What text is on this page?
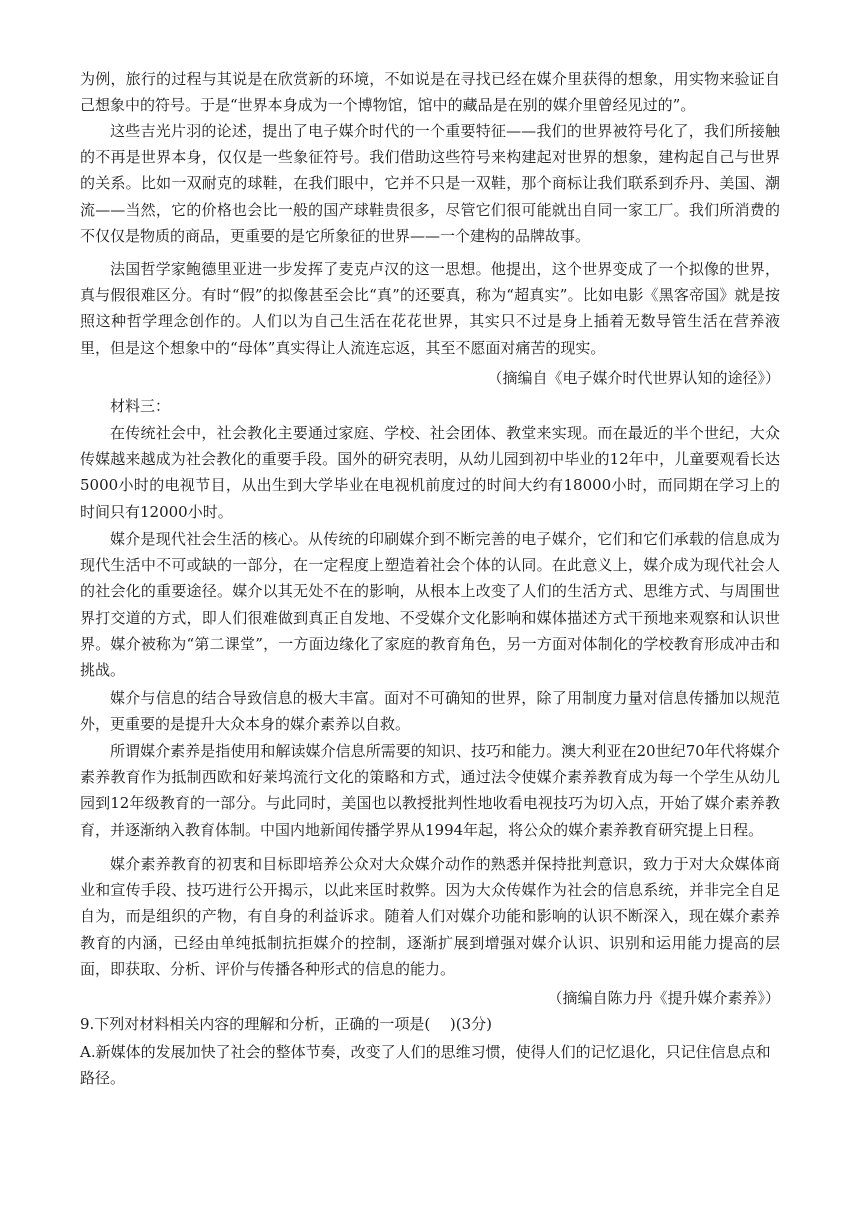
为例，旅行的过程与其说是在欣赏新的环境，不如说是在寻找已经在媒介里获得的想象，用实物来验证自己想象中的符号。于是“世界本身成为一个博物馆，馆中的藏品是在别的媒介里曾经见过的”。

这些吉光片羽的论述，提出了电子媒介时代的一个重要特征——我们的世界被符号化了，我们所接触的不再是世界本身，仅仅是一些象征符号。我们借助这些符号来构建起对世界的想象，建构起自己与世界的关系。比如一双耐克的球鞋，在我们眼中，它并不只是一双鞋，那个商标让我们联系到乔丹、美国、潮流——当然，它的价格也会比一般的国产球鞋贵很多，尽管它们很可能就出自同一家工厂。我们所消费的不仅仅是物质的商品，更重要的是它所象征的世界——一个建构的品牌故事。

法国哲学家鲍德里亚进一步发挥了麦克卢汉的这一思想。他提出，这个世界变成了一个拟像的世界，真与假很难区分。有时“假”的拟像甚至会比“真”的还要真，称为“超真实”。比如电影《黑客帝国》就是按照这种哲学理念创作的。人们以为自己生活在花花世界，其实只不过是身上插着无数导管生活在营养液里，但是这个想象中的“母体”真实得让人流连忘返，其至不愿面对痛苦的现实。

（摘编自《电子媒介时代世界认知的途径》）

材料三：

在传统社会中，社会教化主要通过家庭、学校、社会团体、教堂来实现。而在最近的半个世纪，大众传媒越来越成为社会教化的重要手段。国外的研究表明，从幼儿园到初中毕业的12年中，儿童要观看长达5000小时的电视节目，从出生到大学毕业在电视机前度过的时间大约有18000小时，而同期在学习上的时间只有12000小时。

媒介是现代社会生活的核心。从传统的印刷媒介到不断完善的电子媒介，它们和它们承载的信息成为现代生活中不可或缺的一部分，在一定程度上塑造着社会个体的认同。在此意义上，媒介成为现代社会人的社会化的重要途径。媒介以其无处不在的影响，从根本上改变了人们的生活方式、思维方式、与周围世界打交道的方式，即人们很难做到真正自发地、不受媒介文化影响和媒体描述方式干预地来观察和认识世界。媒介被称为“第二课堂”，一方面边缘化了家庭的教育角色，另一方面对体制化的学校教育形成冲击和挑战。

媒介与信息的结合导致信息的极大丰富。面对不可确知的世界，除了用制度力量对信息传播加以规范外，更重要的是提升大众本身的媒介素养以自救。

所谓媒介素养是指使用和解读媒介信息所需要的知识、技巧和能力。澳大利亚在20世纪70年代将媒介素养教育作为抵制西欧和好莱坞流行文化的策略和方式，通过法令使媒介素养教育成为每一个学生从幼儿园到12年级教育的一部分。与此同时，美国也以教授批判性地收看电视技巧为切入点，开始了媒介素养教育，并逐渐纳入教育体制。中国内地新闻传播学界从1994年起，将公众的媒介素养教育研究提上日程。

媒介素养教育的初衷和目标即培养公众对大众媒介动作的熟悉并保持批判意识，致力于对大众媒体商业和宣传手段、技巧进行公开揭示，以此来匡时救弊。因为大众传媒作为社会的信息系统，并非完全自足自为，而是组织的产物，有自身的利益诉求。随着人们对媒介功能和影响的认识不断深入，现在媒介素养教育的内涵，已经由单纯抵制抗拒媒介的控制，逐渐扩展到增强对媒介认识、识别和运用能力提高的层面，即获取、分析、评价与传播各种形式的信息的能力。

（摘编自陈力丹《提升媒介素养》）

9.下列对材料相关内容的理解和分析，正确的一项是(　 )(3分)

A.新媒体的发展加快了社会的整体节奏，改变了人们的思维习惯，使得人们的记忆退化，只记住信息点和路径。
